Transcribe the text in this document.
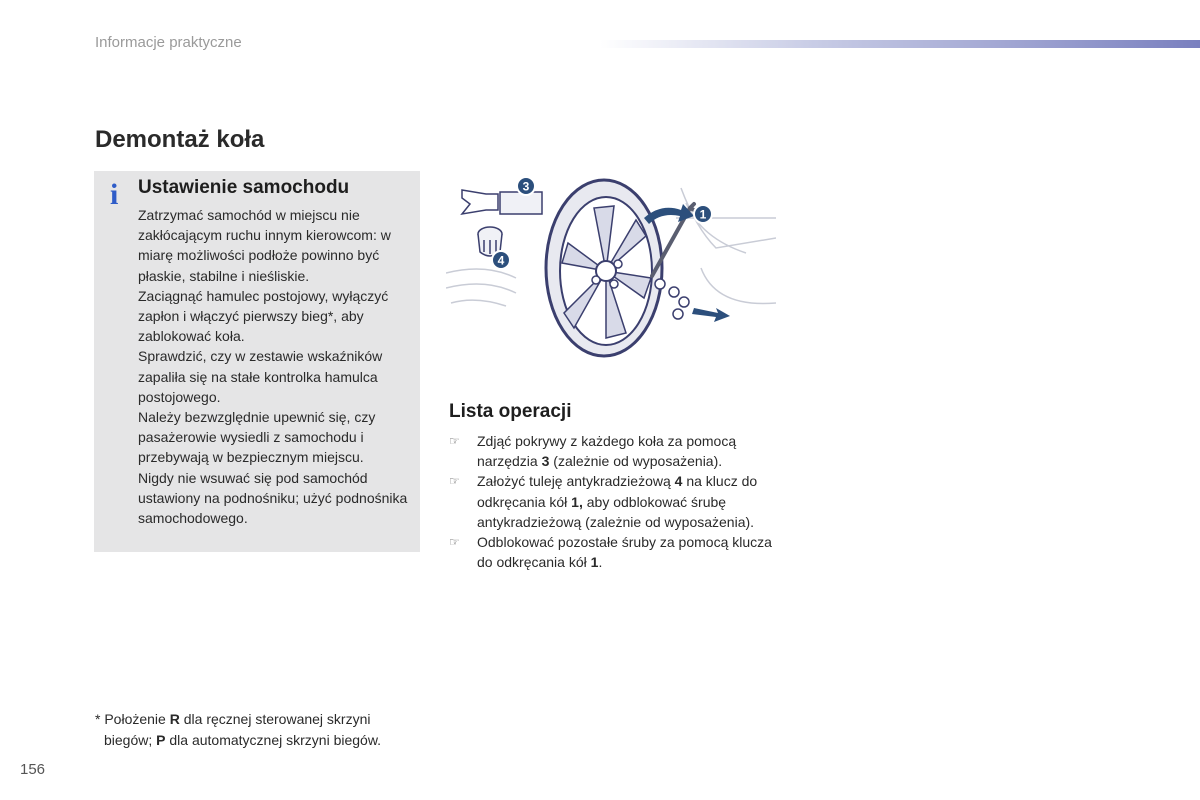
Informacje praktyczne
Demontaż koła
i Ustawienie samochodu

Zatrzymać samochód w miejscu nie zakłócającym ruchu innym kierowcom: w miarę możliwości podłoże powinno być płaskie, stabilne i nieśliskie.

Zaciągnąć hamulec postojowy, wyłączyć zapłon i włączyć pierwszy bieg*, aby zablokować koła.

Sprawdzić, czy w zestawie wskaźników zapaliła się na stałe kontrolka hamulca postojowego.

Należy bezwzględnie upewnić się, czy pasażerowie wysiedli z samochodu i przebywają w bezpiecznym miejscu.

Nigdy nie wsuwać się pod samochód ustawiony na podnośniku; użyć podnośnika samochodowego.

1
3
4
Lista operacji
☞ Zdjąć pokrywy z każdego koła za pomocą narzędzia 3 (zależnie od wyposażenia).
☞ Założyć tuleję antykradzieżową 4 na klucz do odkręcania kół 1, aby odblokować śrubę antykradzieżową (zależnie od wyposażenia).
☞ Odblokować pozostałe śruby za pomocą klucza do odkręcania kół 1.
* Położenie R dla ręcznej sterowanej skrzyni
biegów; P dla automatycznej skrzyni biegów.
156
